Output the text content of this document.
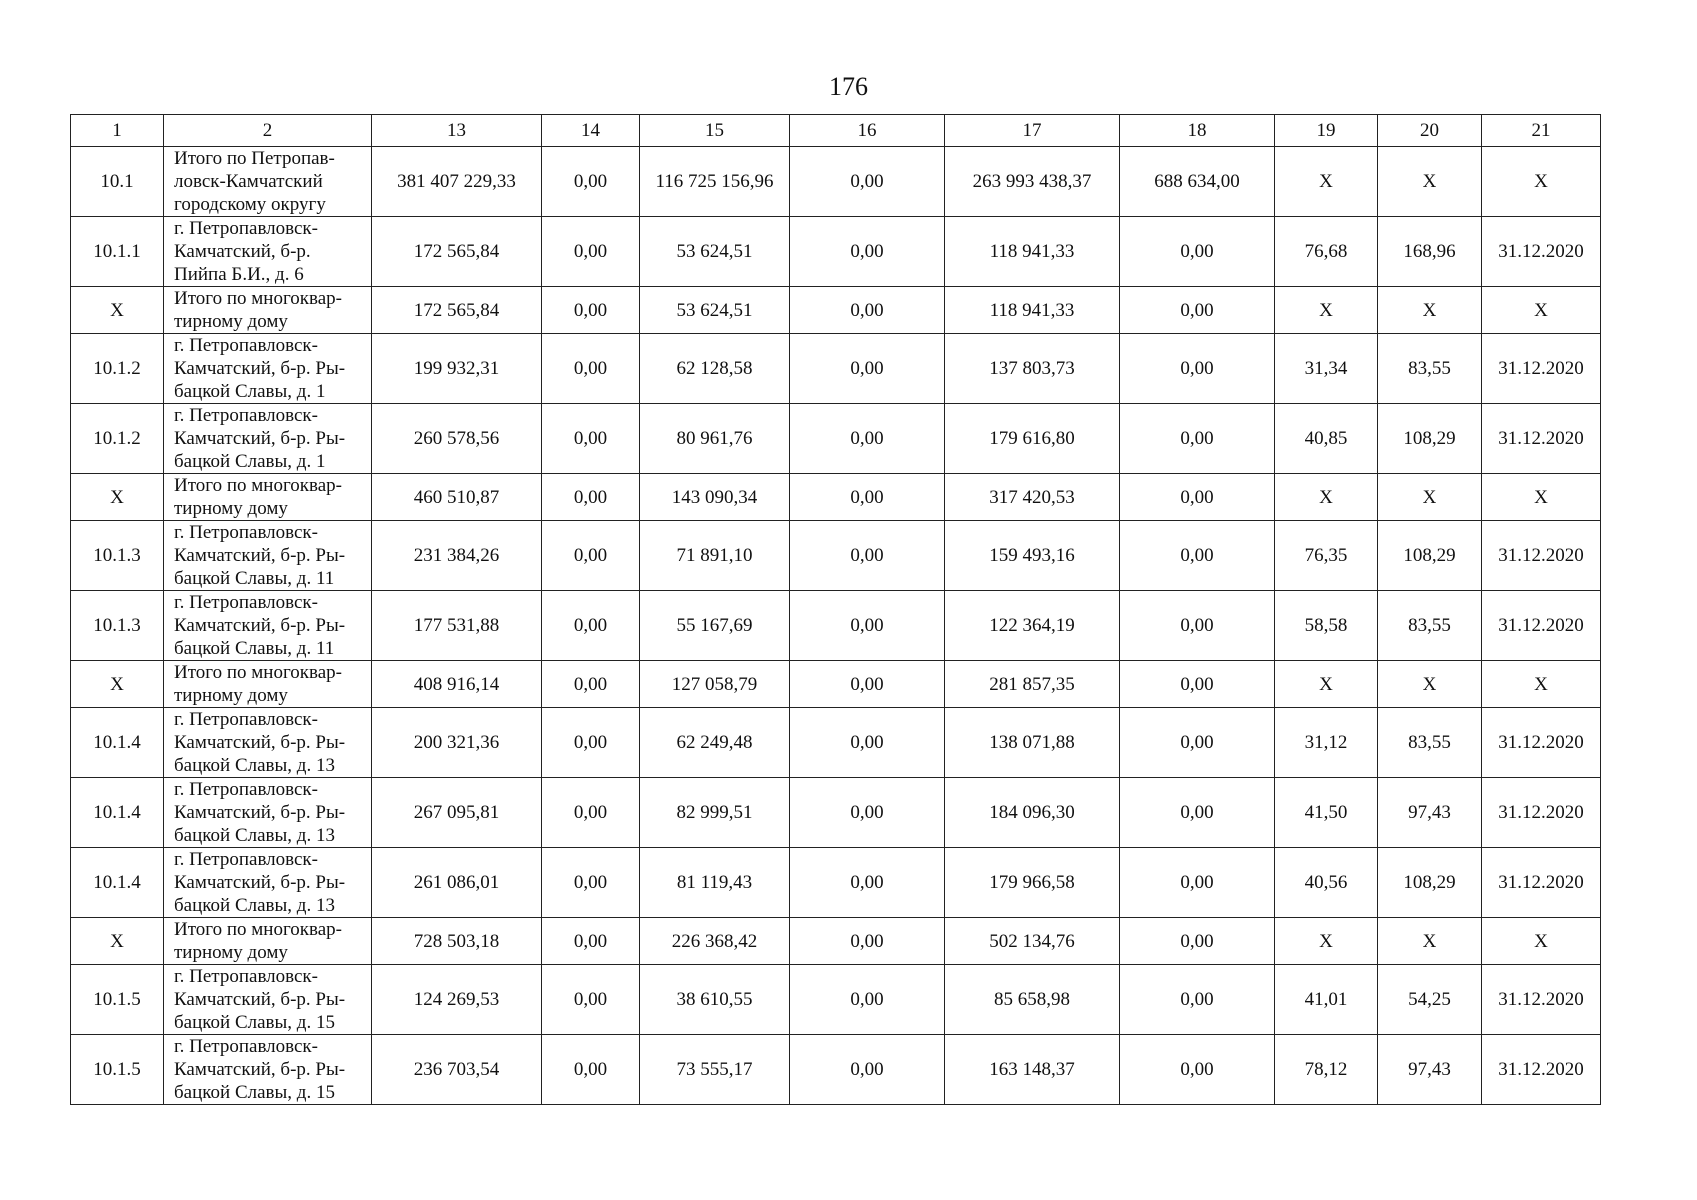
176
1	2	13	14	15	16	17	18	19	20	21
10.1	Итого по Петропав-
ловск-Камчатский
городскому округу	381 407 229,33	0,00	116 725 156,96	0,00	263 993 438,37	688 634,00	X	X	X
10.1.1	г. Петропавловск-
Камчатский, б-р.
Пийпа Б.И., д. 6	172 565,84	0,00	53 624,51	0,00	118 941,33	0,00	76,68	168,96	31.12.2020
X	Итого по многоквар-
тирному дому	172 565,84	0,00	53 624,51	0,00	118 941,33	0,00	X	X	X
10.1.2	г. Петропавловск-
Камчатский, б-р. Ры-
бацкой Славы, д. 1	199 932,31	0,00	62 128,58	0,00	137 803,73	0,00	31,34	83,55	31.12.2020
10.1.2	г. Петропавловск-
Камчатский, б-р. Ры-
бацкой Славы, д. 1	260 578,56	0,00	80 961,76	0,00	179 616,80	0,00	40,85	108,29	31.12.2020
X	Итого по многоквар-
тирному дому	460 510,87	0,00	143 090,34	0,00	317 420,53	0,00	X	X	X
10.1.3	г. Петропавловск-
Камчатский, б-р. Ры-
бацкой Славы, д. 11	231 384,26	0,00	71 891,10	0,00	159 493,16	0,00	76,35	108,29	31.12.2020
10.1.3	г. Петропавловск-
Камчатский, б-р. Ры-
бацкой Славы, д. 11	177 531,88	0,00	55 167,69	0,00	122 364,19	0,00	58,58	83,55	31.12.2020
X	Итого по многоквар-
тирному дому	408 916,14	0,00	127 058,79	0,00	281 857,35	0,00	X	X	X
10.1.4	г. Петропавловск-
Камчатский, б-р. Ры-
бацкой Славы, д. 13	200 321,36	0,00	62 249,48	0,00	138 071,88	0,00	31,12	83,55	31.12.2020
10.1.4	г. Петропавловск-
Камчатский, б-р. Ры-
бацкой Славы, д. 13	267 095,81	0,00	82 999,51	0,00	184 096,30	0,00	41,50	97,43	31.12.2020
10.1.4	г. Петропавловск-
Камчатский, б-р. Ры-
бацкой Славы, д. 13	261 086,01	0,00	81 119,43	0,00	179 966,58	0,00	40,56	108,29	31.12.2020
X	Итого по многоквар-
тирному дому	728 503,18	0,00	226 368,42	0,00	502 134,76	0,00	X	X	X
10.1.5	г. Петропавловск-
Камчатский, б-р. Ры-
бацкой Славы, д. 15	124 269,53	0,00	38 610,55	0,00	85 658,98	0,00	41,01	54,25	31.12.2020
10.1.5	г. Петропавловск-
Камчатский, б-р. Ры-
бацкой Славы, д. 15	236 703,54	0,00	73 555,17	0,00	163 148,37	0,00	78,12	97,43	31.12.2020
